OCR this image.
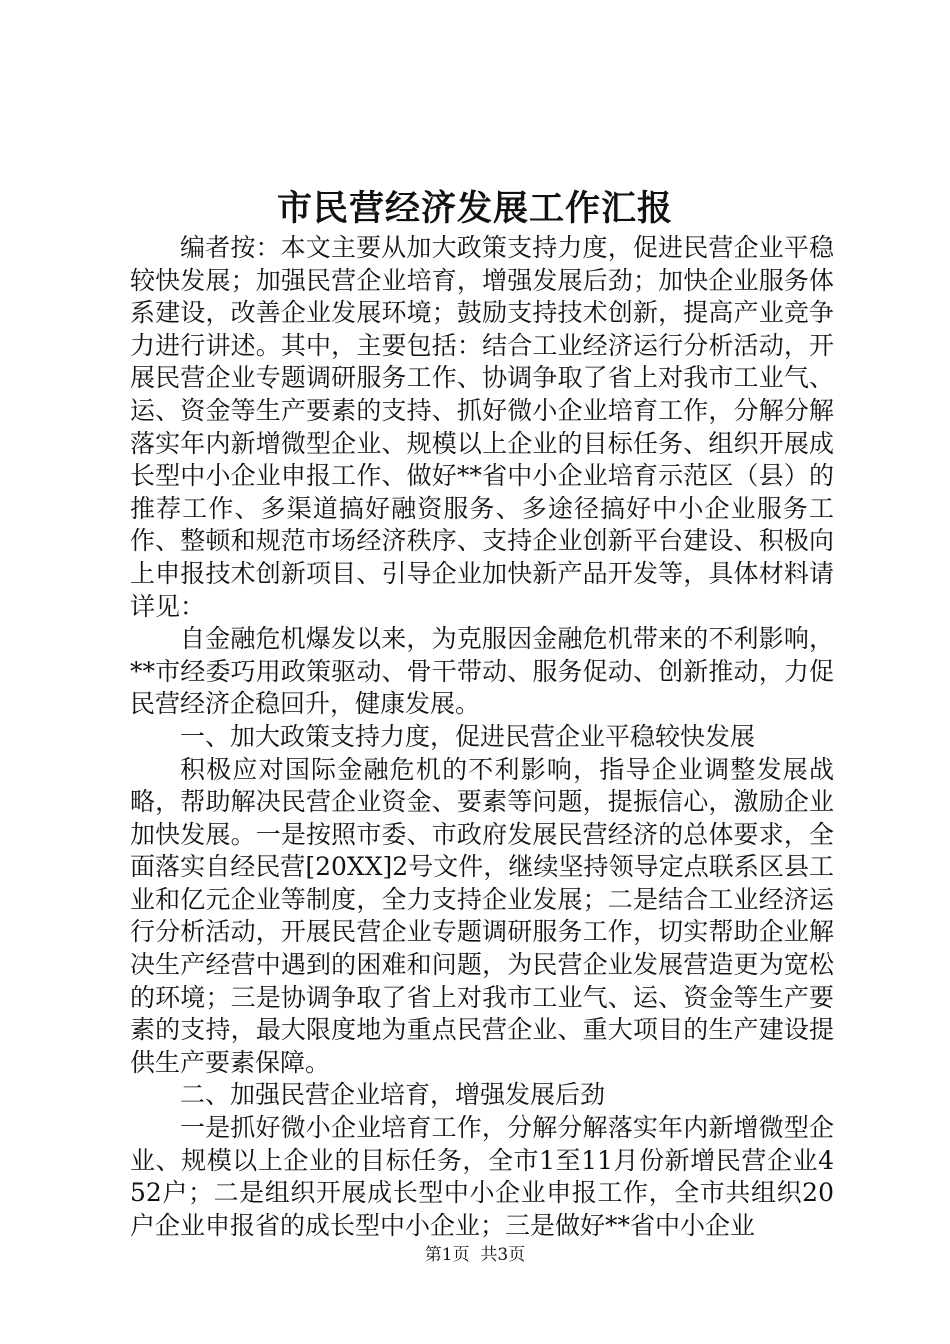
市民营经济发展工作汇报

编者按：本文主要从加大政策支持力度，促进民营企业平稳较快发展；加强民营企业培育，增强发展后劲；加快企业服务体系建设，改善企业发展环境；鼓励支持技术创新，提高产业竞争力进行讲述。其中，主要包括：结合工业经济运行分析活动，开展民营企业专题调研服务工作、协调争取了省上对我市工业气、运、资金等生产要素的支持、抓好微小企业培育工作，分解分解落实年内新增微型企业、规模以上企业的目标任务、组织开展成长型中小企业申报工作、做好**省中小企业培育示范区（县）的推荐工作、多渠道搞好融资服务、多途径搞好中小企业服务工作、整顿和规范市场经济秩序、支持企业创新平台建设、积极向上申报技术创新项目、引导企业加快新产品开发等，具体材料请详见：

自金融危机爆发以来，为克服因金融危机带来的不利影响，**市经委巧用政策驱动、骨干带动、服务促动、创新推动，力促民营经济企稳回升，健康发展。

一、加大政策支持力度，促进民营企业平稳较快发展

积极应对国际金融危机的不利影响，指导企业调整发展战略，帮助解决民营企业资金、要素等问题，提振信心，激励企业加快发展。一是按照市委、市政府发展民营经济的总体要求，全面落实自经民营[20XX]2号文件，继续坚持领导定点联系区县工业和亿元企业等制度，全力支持企业发展；二是结合工业经济运行分析活动，开展民营企业专题调研服务工作，切实帮助企业解决生产经营中遇到的困难和问题，为民营企业发展营造更为宽松的环境；三是协调争取了省上对我市工业气、运、资金等生产要素的支持，最大限度地为重点民营企业、重大项目的生产建设提供生产要素保障。

二、加强民营企业培育，增强发展后劲

一是抓好微小企业培育工作，分解分解落实年内新增微型企业、规模以上企业的目标任务，全市1至11月份新增民营企业452户；二是组织开展成长型中小企业申报工作，全市共组织20户企业申报省的成长型中小企业；三是做好**省中小企业

第1页  共3页
